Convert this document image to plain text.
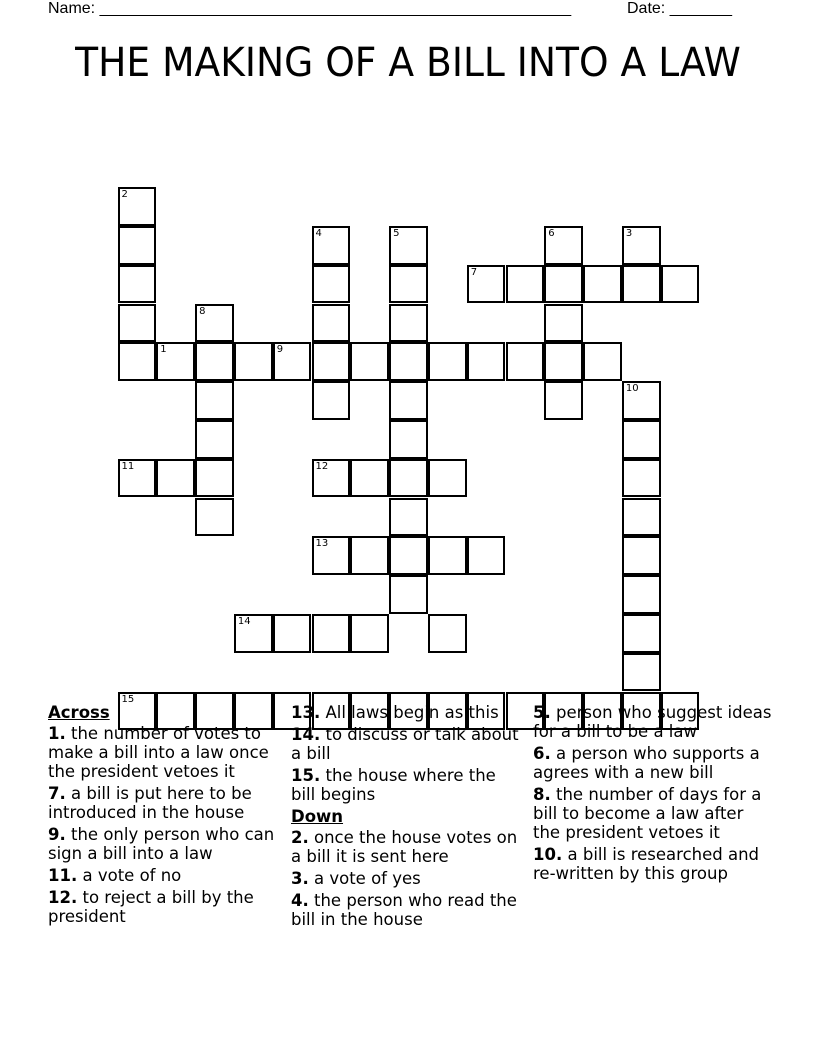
Name: _____________________________________________________	Date: _______
THE MAKING OF A BILL INTO A LAW
1	9
2
3
4	5	6
7
8
10
11	12
13
14
15
Across
1. the number of votes to make a bill into a law once the president vetoes it
7. a bill is put here to be introduced in the house
9. the only person who can sign a bill into a law
11. a vote of no
12. to reject a bill by the president
13. All laws begin as this
14. to discuss or talk about a bill
15. the house where the bill begins
Down
2. once the house votes on a bill it is sent here
3. a vote of yes
4. the person who read the bill in the house
5. person who suggest ideas for a bill to be a law
6. a person who supports a agrees with a new bill
8. the number of days for a bill to become a law after the president vetoes it
10. a bill is researched and re-written by this group
